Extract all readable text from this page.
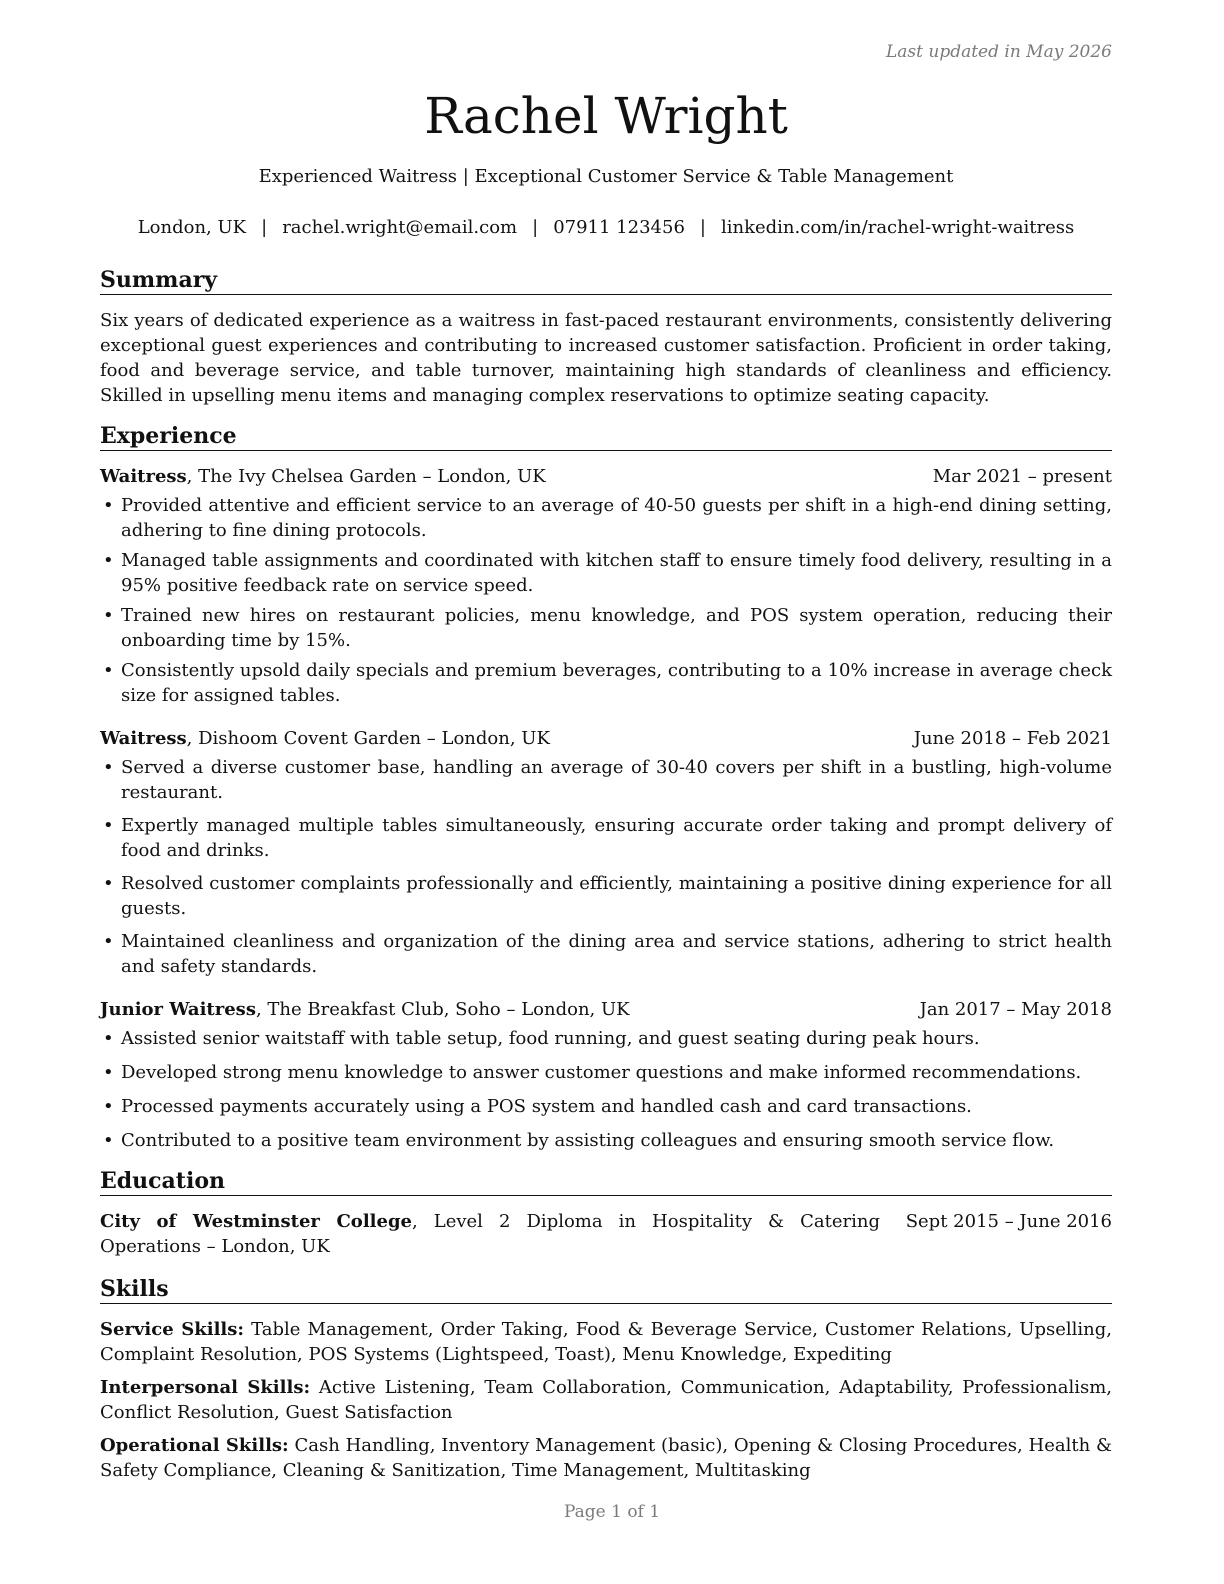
Last updated in May 2026
Rachel Wright
Experienced Waitress | Exceptional Customer Service & Table Management
London, UK | rachel.wright@email.com | 07911 123456 | linkedin.com/in/rachel-wright-waitress
Summary
Six years of dedicated experience as a waitress in fast-paced restaurant environments, consistently delivering exceptional guest experiences and contributing to increased customer satisfaction. Proficient in order taking, food and beverage service, and table turnover, maintaining high standards of cleanliness and efficiency. Skilled in upselling menu items and managing complex reservations to optimize seating capacity.
Experience
Waitress, The Ivy Chelsea Garden – London, UK	Mar 2021 – present
• Provided attentive and efficient service to an average of 40-50 guests per shift in a high-end dining setting, adhering to fine dining protocols.
• Managed table assignments and coordinated with kitchen staff to ensure timely food delivery, resulting in a 95% positive feedback rate on service speed.
• Trained new hires on restaurant policies, menu knowledge, and POS system operation, reducing their onboarding time by 15%.
• Consistently upsold daily specials and premium beverages, contributing to a 10% increase in average check size for assigned tables.
Waitress, Dishoom Covent Garden – London, UK	June 2018 – Feb 2021
• Served a diverse customer base, handling an average of 30-40 covers per shift in a bustling, high-volume restaurant.
• Expertly managed multiple tables simultaneously, ensuring accurate order taking and prompt delivery of food and drinks.
• Resolved customer complaints professionally and efficiently, maintaining a positive dining experience for all guests.
• Maintained cleanliness and organization of the dining area and service stations, adhering to strict health and safety standards.
Junior Waitress, The Breakfast Club, Soho – London, UK	Jan 2017 – May 2018
• Assisted senior waitstaff with table setup, food running, and guest seating during peak hours.
• Developed strong menu knowledge to answer customer questions and make informed recommendations.
• Processed payments accurately using a POS system and handled cash and card transactions.
• Contributed to a positive team environment by assisting colleagues and ensuring smooth service flow.
Education
City of Westminster College, Level 2 Diploma in Hospitality & Catering Operations – London, UK
Sept 2015 – June 2016
Skills
Service Skills: Table Management, Order Taking, Food & Beverage Service, Customer Relations, Upselling, Complaint Resolution, POS Systems (Lightspeed, Toast), Menu Knowledge, Expediting
Interpersonal Skills: Active Listening, Team Collaboration, Communication, Adaptability, Professionalism, Conflict Resolution, Guest Satisfaction
Operational Skills: Cash Handling, Inventory Management (basic), Opening & Closing Procedures, Health & Safety Compliance, Cleaning & Sanitization, Time Management, Multitasking
Page 1 of 1
